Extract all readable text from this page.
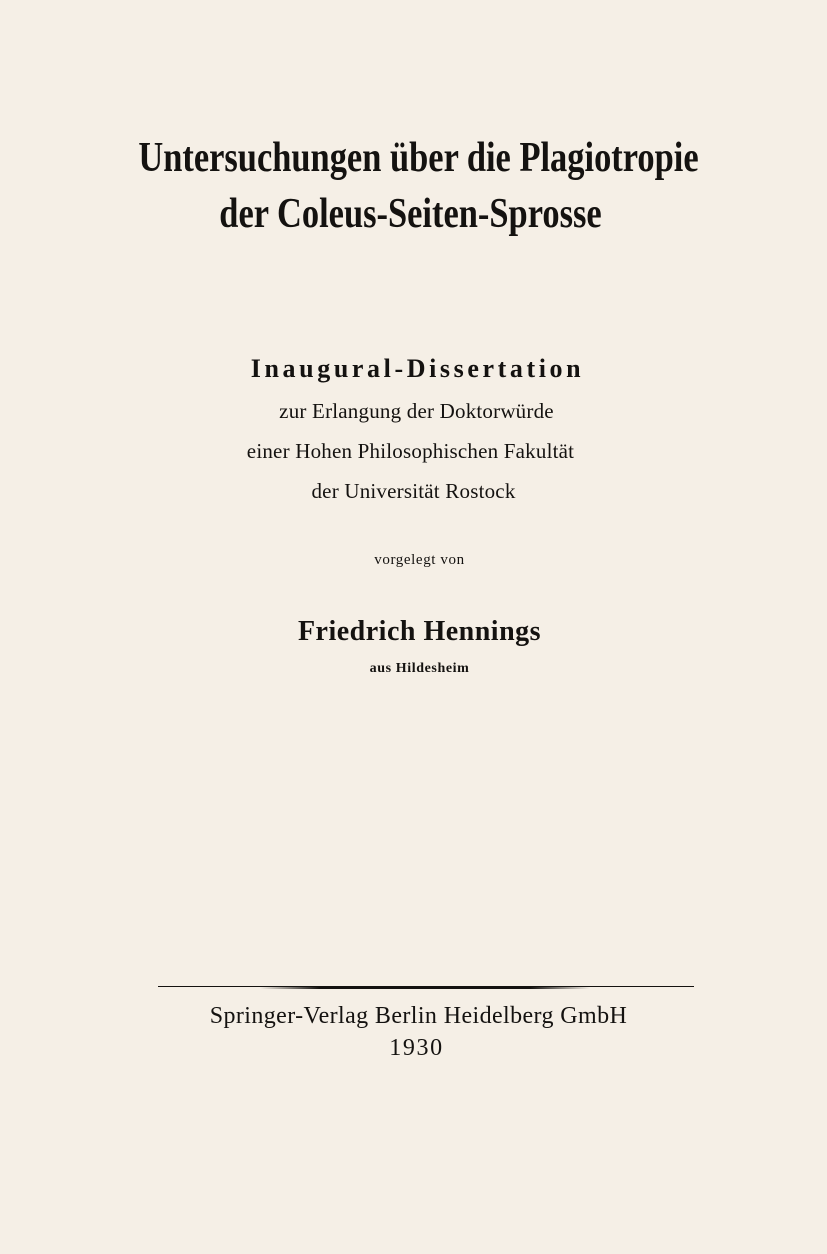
Untersuchungen über die Plagiotropie
der Coleus-Seiten-Sprosse
Inaugural-Dissertation
zur Erlangung der Doktorwürde
einer Hohen Philosophischen Fakultät
der Universität Rostock
vorgelegt von
Friedrich Hennings
aus Hildesheim
Springer-Verlag Berlin Heidelberg GmbH
1930
